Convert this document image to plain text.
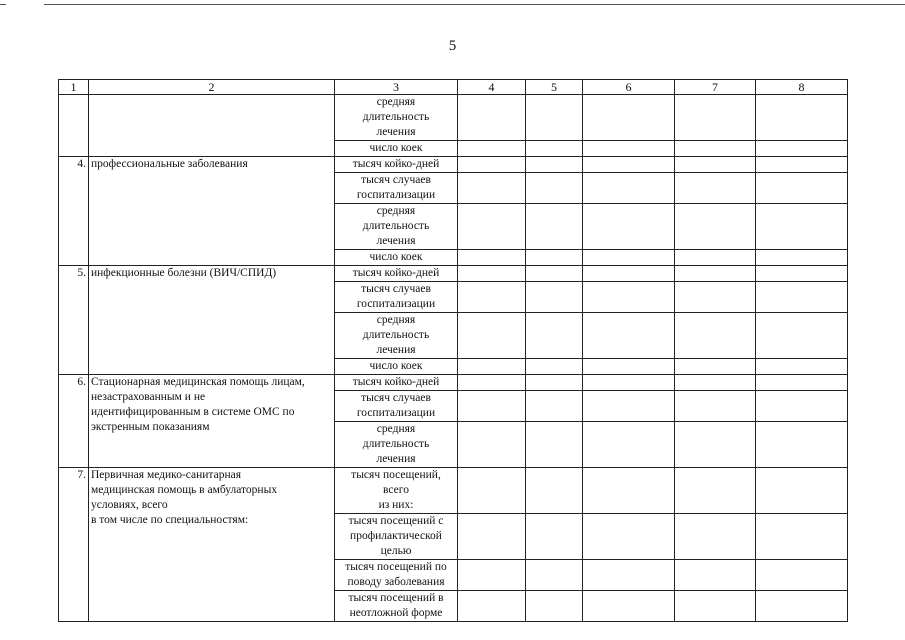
5
1	2	3	4	5	6	7	8
		средняя
длительность
лечения					
		число коек					
4.	профессиональные заболевания	тысяч койко-дней					
		тысяч случаев
госпитализации					
		средняя
длительность
лечения					
		число коек					
5.	инфекционные болезни (ВИЧ/СПИД)	тысяч койко-дней					
		тысяч случаев
госпитализации					
		средняя
длительность
лечения					
		число коек					
6.	Стационарная медицинская помощь лицам,
незастрахованным и не
идентифицированным в системе ОМС по
экстренным показаниям	тысяч койко-дней					
		тысяч случаев
госпитализации					
		средняя
длительность
лечения					
7.	Первичная медико-санитарная
медицинская помощь в амбулаторных
условиях, всего
в том числе по специальностям:	тысяч посещений,
всего
из них:					
		тысяч посещений с
профилактической
целью					
		тысяч посещений по
поводу заболевания					
		тысяч посещений в
неотложной форме					
